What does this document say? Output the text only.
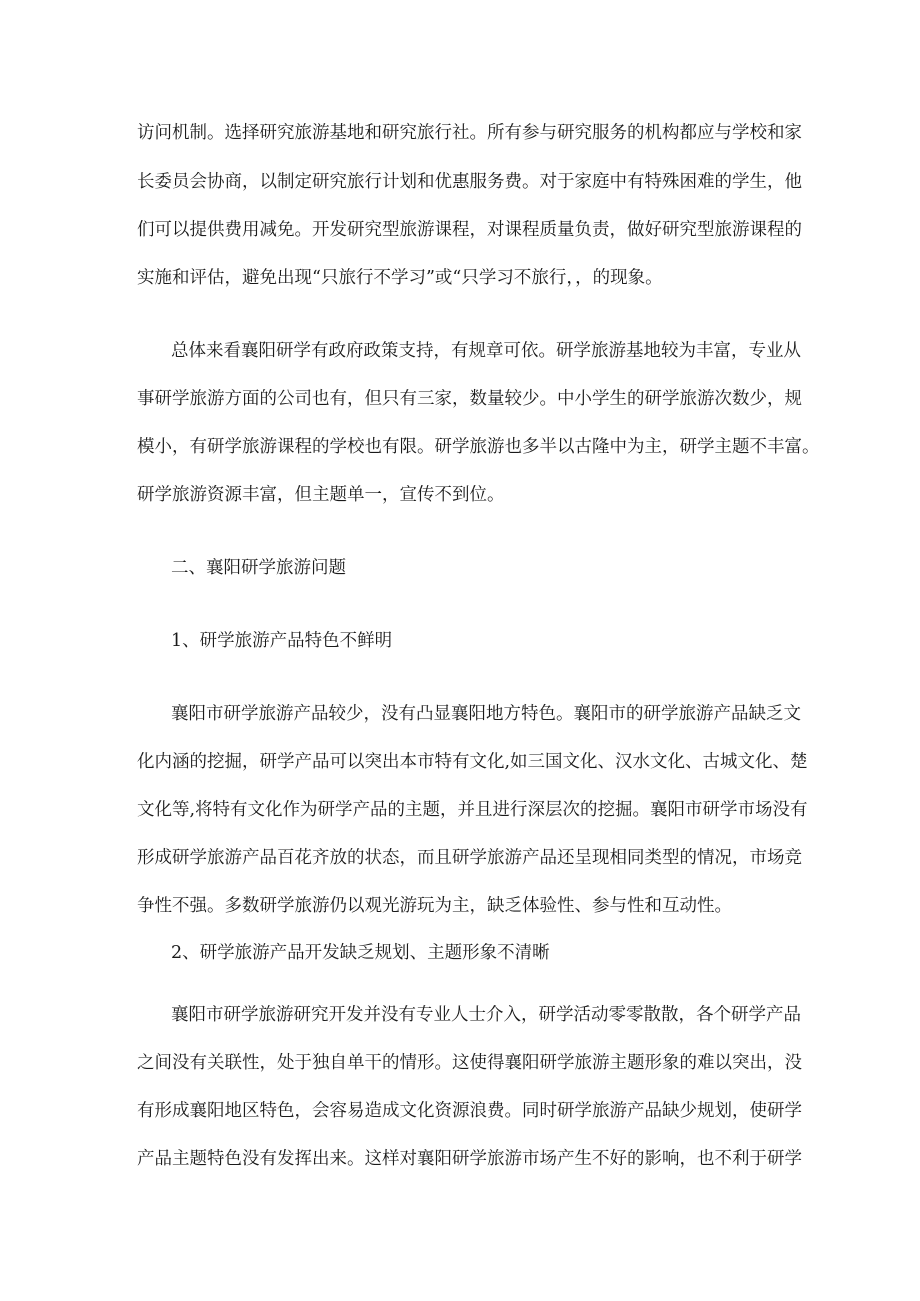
访问机制。选择研究旅游基地和研究旅行社。所有参与研究服务的机构都应与学校和家
长委员会协商，以制定研究旅行计划和优惠服务费。对于家庭中有特殊困难的学生，他
们可以提供费用减免。开发研究型旅游课程，对课程质量负责，做好研究型旅游课程的
实施和评估，避免出现“只旅行不学习”或“只学习不旅行，，的现象。
总体来看襄阳研学有政府政策支持，有规章可依。研学旅游基地较为丰富，专业从
事研学旅游方面的公司也有，但只有三家，数量较少。中小学生的研学旅游次数少，规
模小，有研学旅游课程的学校也有限。研学旅游也多半以古隆中为主，研学主题不丰富。
研学旅游资源丰富，但主题单一，宣传不到位。
二、襄阳研学旅游问题
1、研学旅游产品特色不鲜明
襄阳市研学旅游产品较少，没有凸显襄阳地方特色。襄阳市的研学旅游产品缺乏文
化内涵的挖掘，研学产品可以突出本市特有文化,如三国文化、汉水文化、古城文化、楚
文化等,将特有文化作为研学产品的主题，并且进行深层次的挖掘。襄阳市研学市场没有
形成研学旅游产品百花齐放的状态，而且研学旅游产品还呈现相同类型的情况，市场竞
争性不强。多数研学旅游仍以观光游玩为主，缺乏体验性、参与性和互动性。
2、研学旅游产品开发缺乏规划、主题形象不清晰
襄阳市研学旅游研究开发并没有专业人士介入，研学活动零零散散，各个研学产品
之间没有关联性，处于独自单干的情形。这使得襄阳研学旅游主题形象的难以突出，没
有形成襄阳地区特色，会容易造成文化资源浪费。同时研学旅游产品缺少规划，使研学
产品主题特色没有发挥出来。这样对襄阳研学旅游市场产生不好的影响，也不利于研学
